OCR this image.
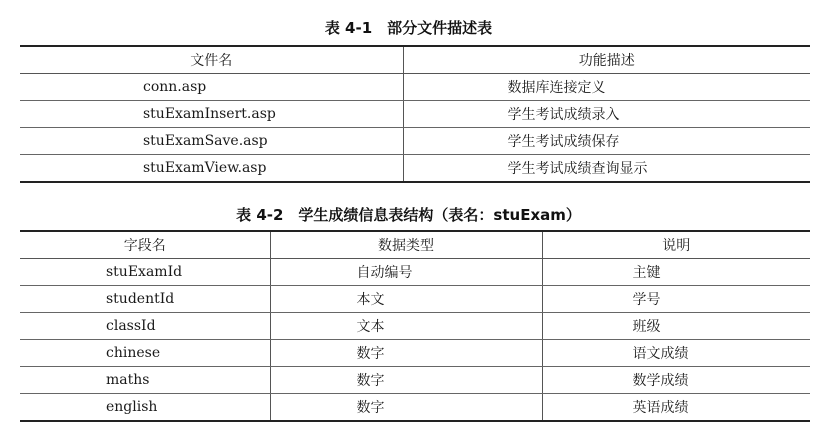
表 4-1　部分文件描述表
文件名	功能描述
conn.asp	数据库连接定义
stuExamInsert.asp	学生考试成绩录入
stuExamSave.asp	学生考试成绩保存
stuExamView.asp	学生考试成绩查询显示
表 4-2　学生成绩信息表结构（表名：stuExam）
字段名	数据类型	说明
stuExamId	自动编号	主键
studentId	本文	学号
classId	文本	班级
chinese	数字	语文成绩
maths	数字	数学成绩
english	数字	英语成绩
